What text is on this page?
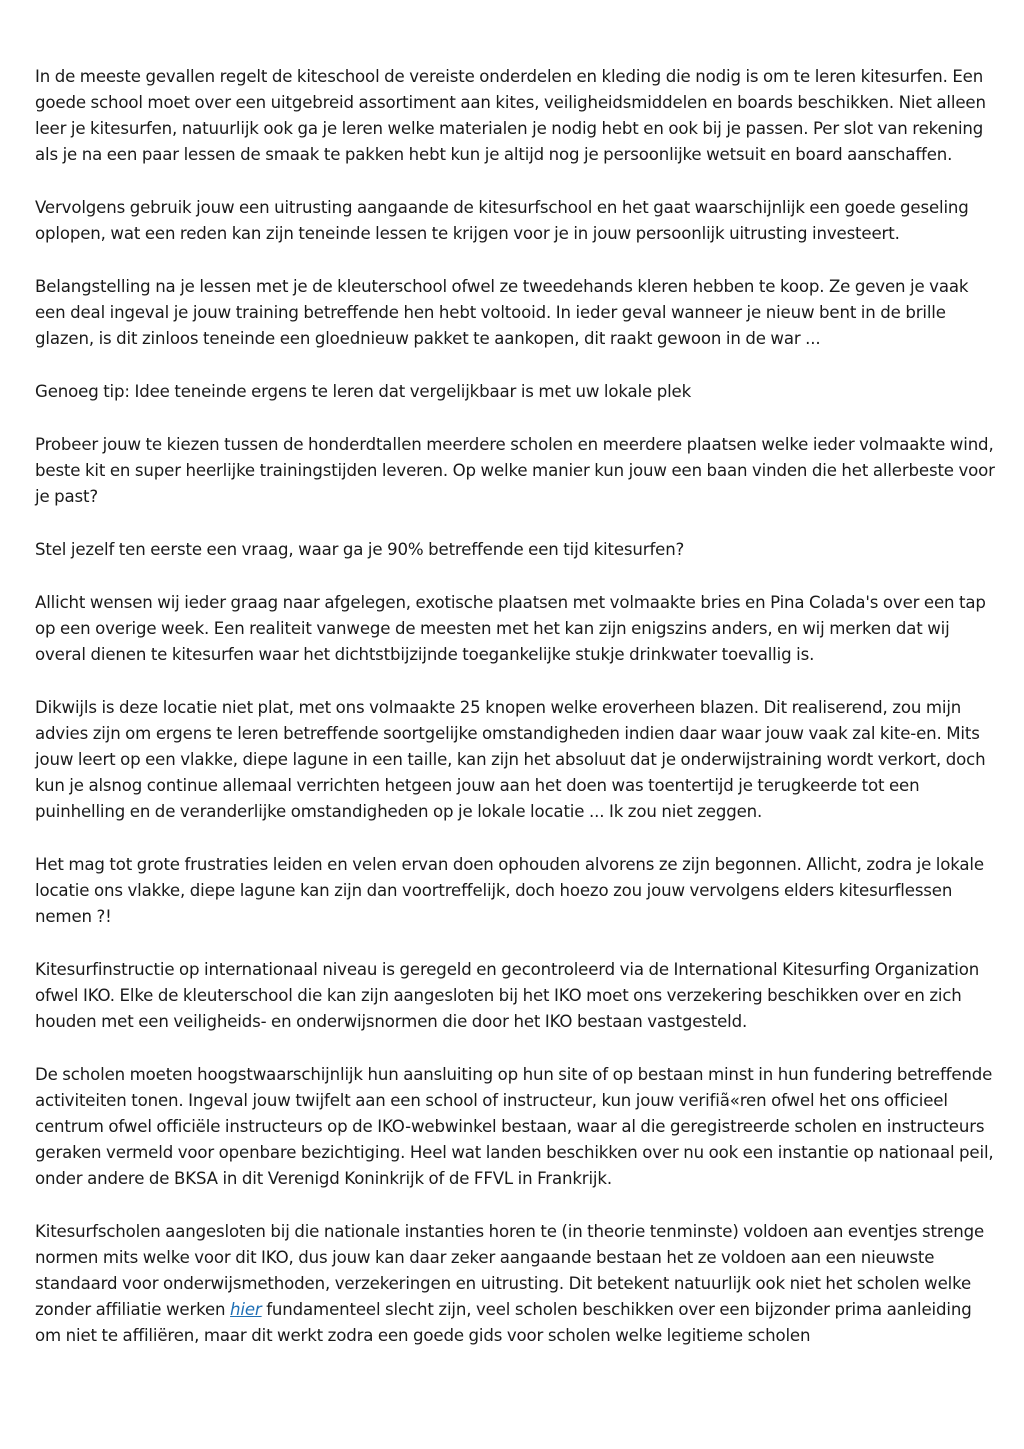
In de meeste gevallen regelt de kiteschool de vereiste onderdelen en kleding die nodig is om te leren kitesurfen. Een goede school moet over een uitgebreid assortiment aan kites, veiligheidsmiddelen en boards beschikken. Niet alleen leer je kitesurfen, natuurlijk ook ga je leren welke materialen je nodig hebt en ook bij je passen. Per slot van rekening als je na een paar lessen de smaak te pakken hebt kun je altijd nog je persoonlijke wetsuit en board aanschaffen.

Vervolgens gebruik jouw een uitrusting aangaande de kitesurfschool en het gaat waarschijnlijk een goede geseling oplopen, wat een reden kan zijn teneinde lessen te krijgen voor je in jouw persoonlijk uitrusting investeert.

Belangstelling na je lessen met je de kleuterschool ofwel ze tweedehands kleren hebben te koop. Ze geven je vaak een deal ingeval je jouw training betreffende hen hebt voltooid. In ieder geval wanneer je nieuw bent in de brille glazen, is dit zinloos teneinde een gloednieuw pakket te aankopen, dit raakt gewoon in de war ...

Genoeg tip: Idee teneinde ergens te leren dat vergelijkbaar is met uw lokale plek

Probeer jouw te kiezen tussen de honderdtallen meerdere scholen en meerdere plaatsen welke ieder volmaakte wind, beste kit en super heerlijke trainingstijden leveren. Op welke manier kun jouw een baan vinden die het allerbeste voor je past?

Stel jezelf ten eerste een vraag, waar ga je 90% betreffende een tijd kitesurfen?

Allicht wensen wij ieder graag naar afgelegen, exotische plaatsen met volmaakte bries en Pina Colada's over een tap op een overige week. Een realiteit vanwege de meesten met het kan zijn enigszins anders, en wij merken dat wij overal dienen te kitesurfen waar het dichtstbijzijnde toegankelijke stukje drinkwater toevallig is.

Dikwijls is deze locatie niet plat, met ons volmaakte 25 knopen welke eroverheen blazen. Dit realiserend, zou mijn advies zijn om ergens te leren betreffende soortgelijke omstandigheden indien daar waar jouw vaak zal kite-en. Mits jouw leert op een vlakke, diepe lagune in een taille, kan zijn het absoluut dat je onderwijstraining wordt verkort, doch kun je alsnog continue allemaal verrichten hetgeen jouw aan het doen was toentertijd je terugkeerde tot een puinhelling en de veranderlijke omstandigheden op je lokale locatie ... Ik zou niet zeggen.

Het mag tot grote frustraties leiden en velen ervan doen ophouden alvorens ze zijn begonnen. Allicht, zodra je lokale locatie ons vlakke, diepe lagune kan zijn dan voortreffelijk, doch hoezo zou jouw vervolgens elders kitesurflessen nemen ?!

Kitesurfinstructie op internationaal niveau is geregeld en gecontroleerd via de International Kitesurfing Organization ofwel IKO. Elke de kleuterschool die kan zijn aangesloten bij het IKO moet ons verzekering beschikken over en zich houden met een veiligheids- en onderwijsnormen die door het IKO bestaan vastgesteld.

De scholen moeten hoogstwaarschijnlijk hun aansluiting op hun site of op bestaan minst in hun fundering betreffende activiteiten tonen. Ingeval jouw twijfelt aan een school of instructeur, kun jouw verifiã«ren ofwel het ons officieel centrum ofwel officiële instructeurs op de IKO-webwinkel bestaan, waar al die geregistreerde scholen en instructeurs geraken vermeld voor openbare bezichtiging. Heel wat landen beschikken over nu ook een instantie op nationaal peil, onder andere de BKSA in dit Verenigd Koninkrijk of de FFVL in Frankrijk.

Kitesurfscholen aangesloten bij die nationale instanties horen te (in theorie tenminste) voldoen aan eventjes strenge normen mits welke voor dit IKO, dus jouw kan daar zeker aangaande bestaan het ze voldoen aan een nieuwste standaard voor onderwijsmethoden, verzekeringen en uitrusting. Dit betekent natuurlijk ook niet het scholen welke zonder affiliatie werken hier fundamenteel slecht zijn, veel scholen beschikken over een bijzonder prima aanleiding om niet te affiliëren, maar dit werkt zodra een goede gids voor scholen welke legitieme scholen
